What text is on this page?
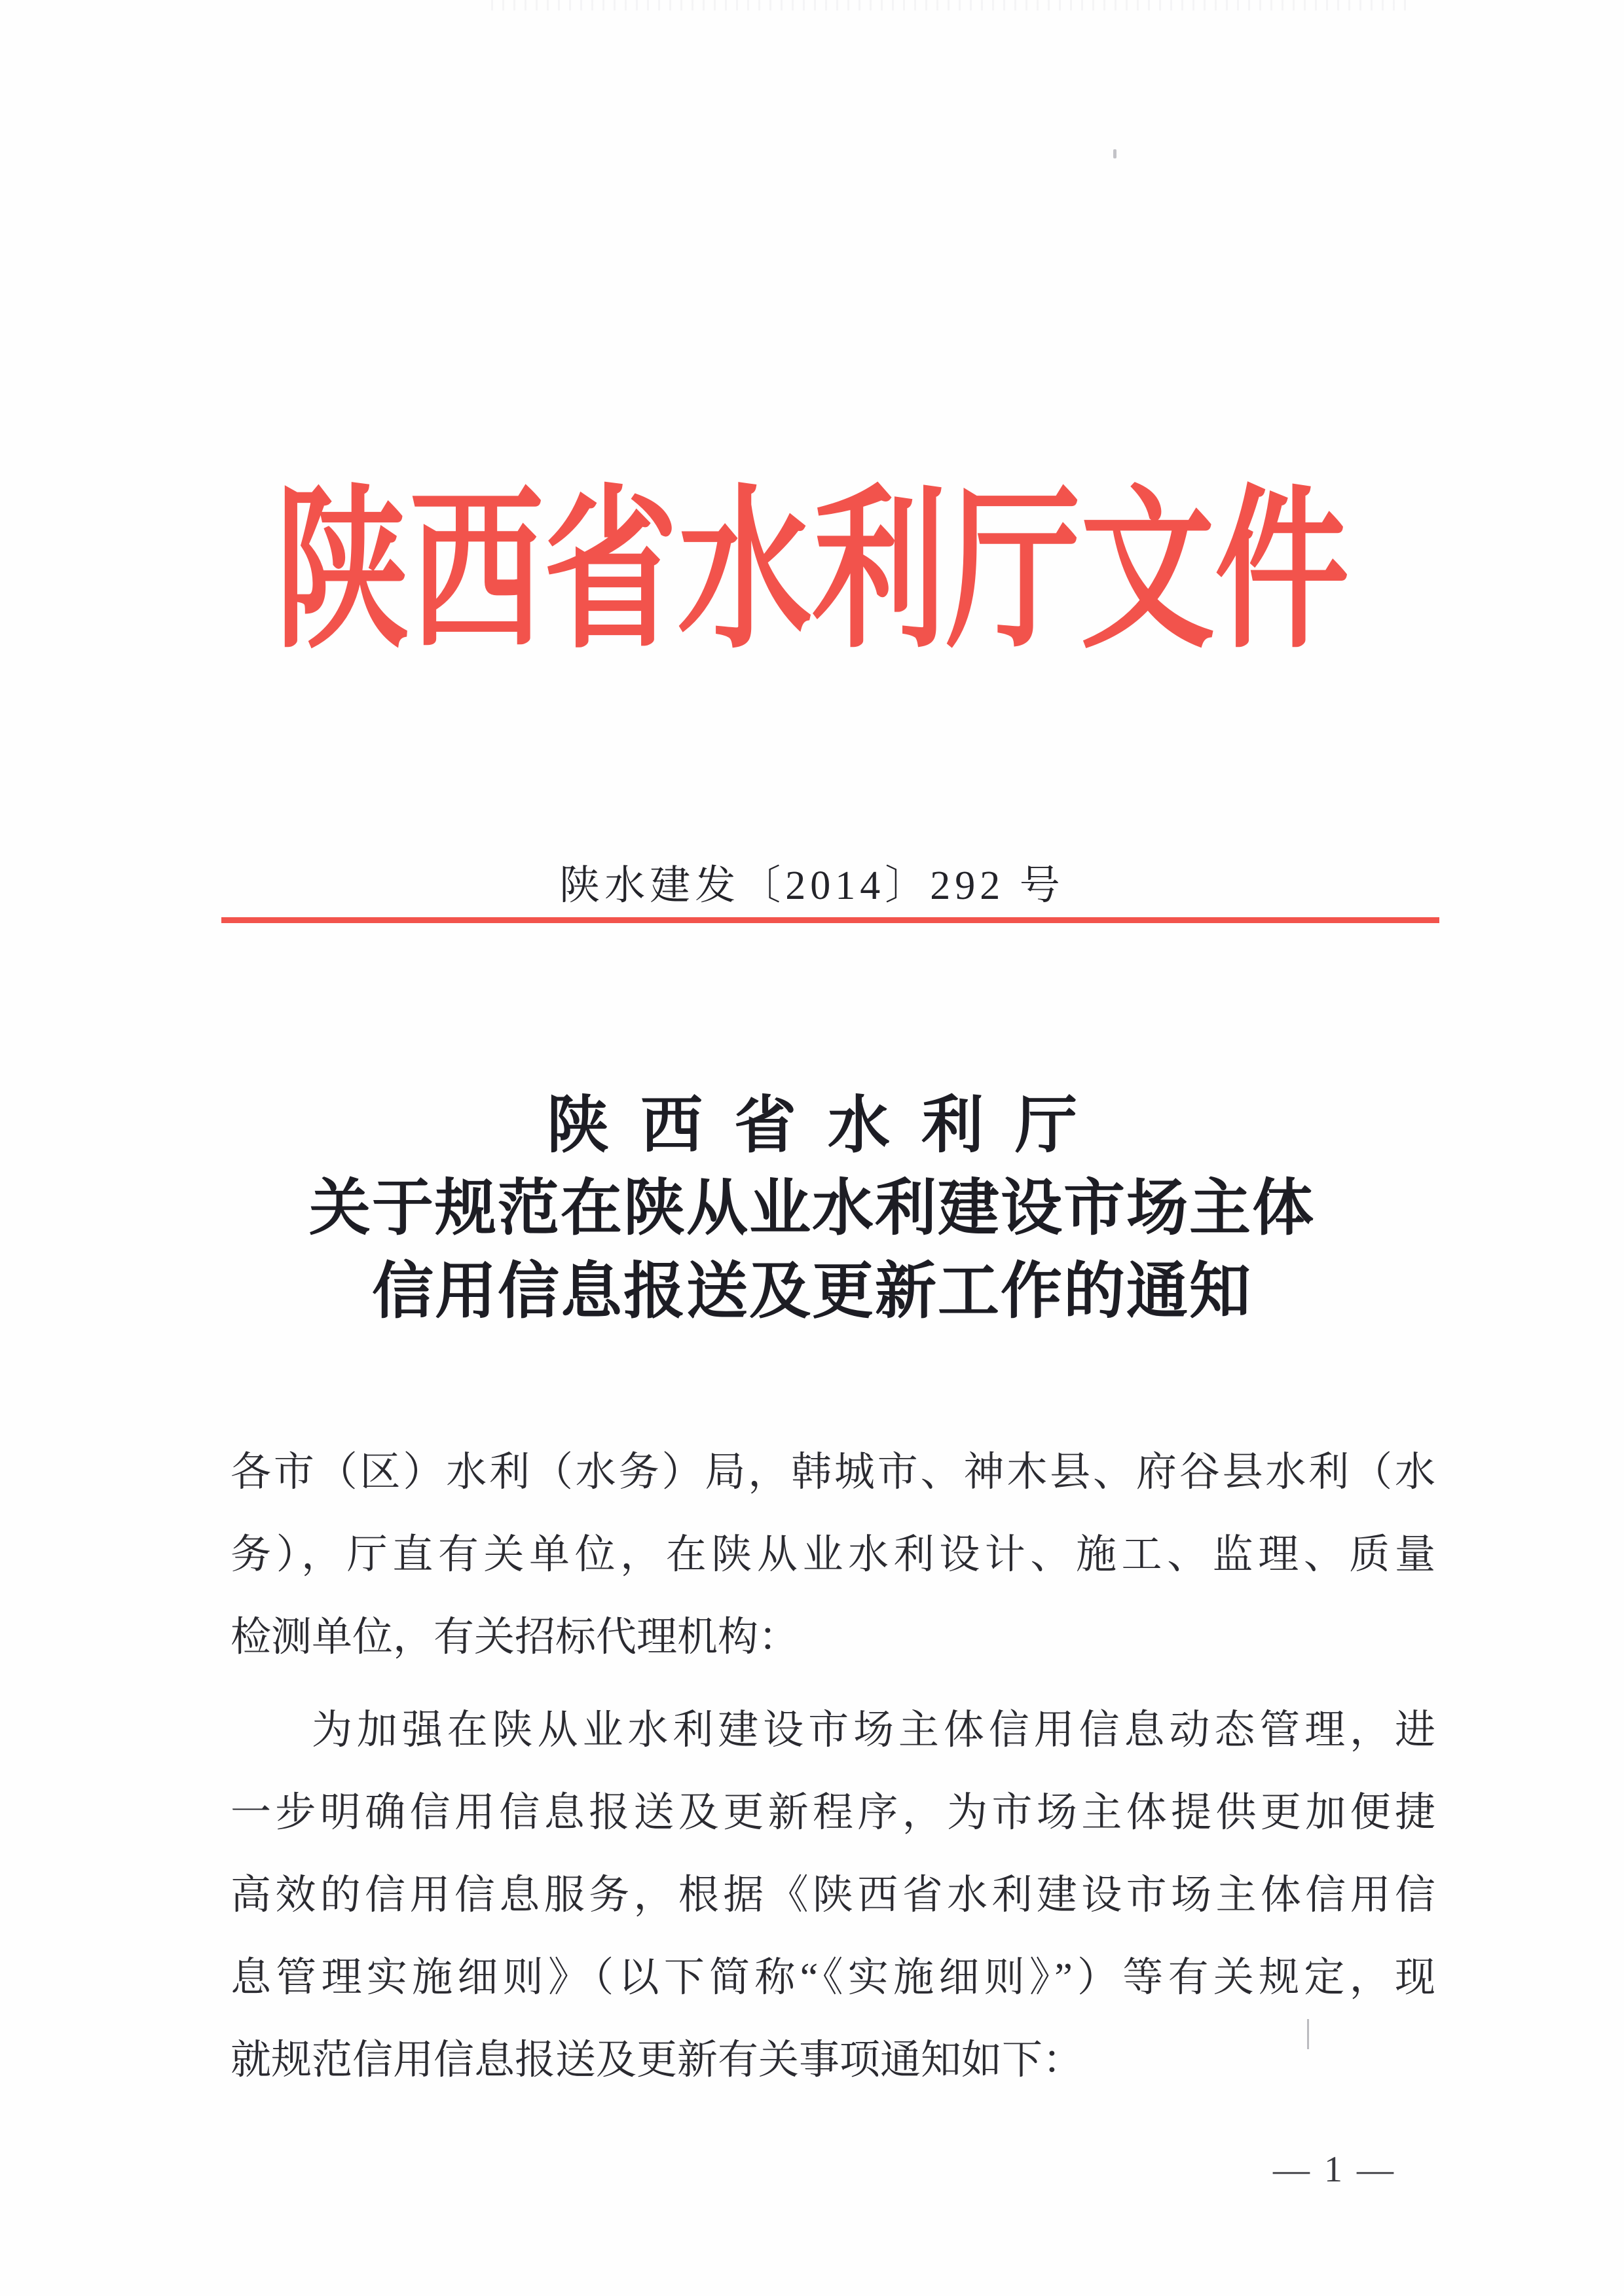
陕西省水利厅文件
陕水建发〔2014〕292 号
陕西省水利厅
关于规范在陕从业水利建设市场主体
信用信息报送及更新工作的通知
各市（区）水利（水务）局，韩城市、神木县、府谷县水利（水
务），厅直有关单位，在陕从业水利设计、施工、监理、质量
检测单位，有关招标代理机构：
为加强在陕从业水利建设市场主体信用信息动态管理，进
一步明确信用信息报送及更新程序，为市场主体提供更加便捷
高效的信用信息服务，根据《陕西省水利建设市场主体信用信
息管理实施细则》（以下简称“《实施细则》”）等有关规定，现
就规范信用信息报送及更新有关事项通知如下：
— 1 —
